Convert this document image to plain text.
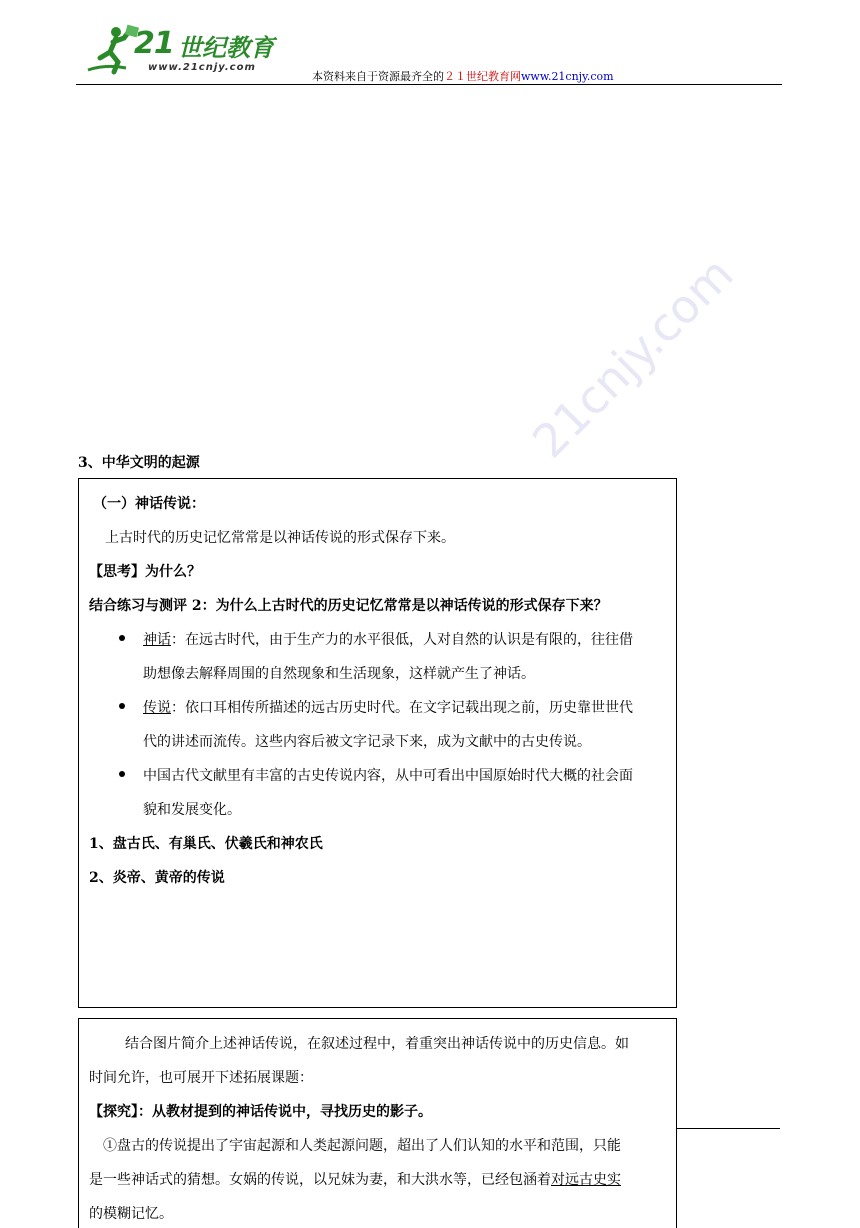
21 世纪教育
www.21cnjy.com
本资料来自于资源最齐全的２１世纪教育网www.21cnjy.com
21cnjy.com
3、中华文明的起源
（一）神话传说：
上古时代的历史记忆常常是以神话传说的形式保存下来。
【思考】为什么？
结合练习与测评 2：为什么上古时代的历史记忆常常是以神话传说的形式保存下来？
神话：在远古时代，由于生产力的水平很低，人对自然的认识是有限的，往往借
助想像去解释周围的自然现象和生活现象，这样就产生了神话。
传说：依口耳相传所描述的远古历史时代。在文字记载出现之前，历史靠世世代
代的讲述而流传。这些内容后被文字记录下来，成为文献中的古史传说。
中国古代文献里有丰富的古史传说内容，从中可看出中国原始时代大概的社会面
貌和发展变化。
1、盘古氏、有巢氏、伏羲氏和神农氏
2、炎帝、黄帝的传说
结合图片简介上述神话传说，在叙述过程中，着重突出神话传说中的历史信息。如
时间允许，也可展开下述拓展课题：
【探究】：从教材提到的神话传说中，寻找历史的影子。
①盘古的传说提出了宇宙起源和人类起源问题，超出了人们认知的水平和范围，只能
是一些神话式的猜想。女娲的传说，以兄妹为妻，和大洪水等，已经包涵着对远古史实
的模糊记忆。
